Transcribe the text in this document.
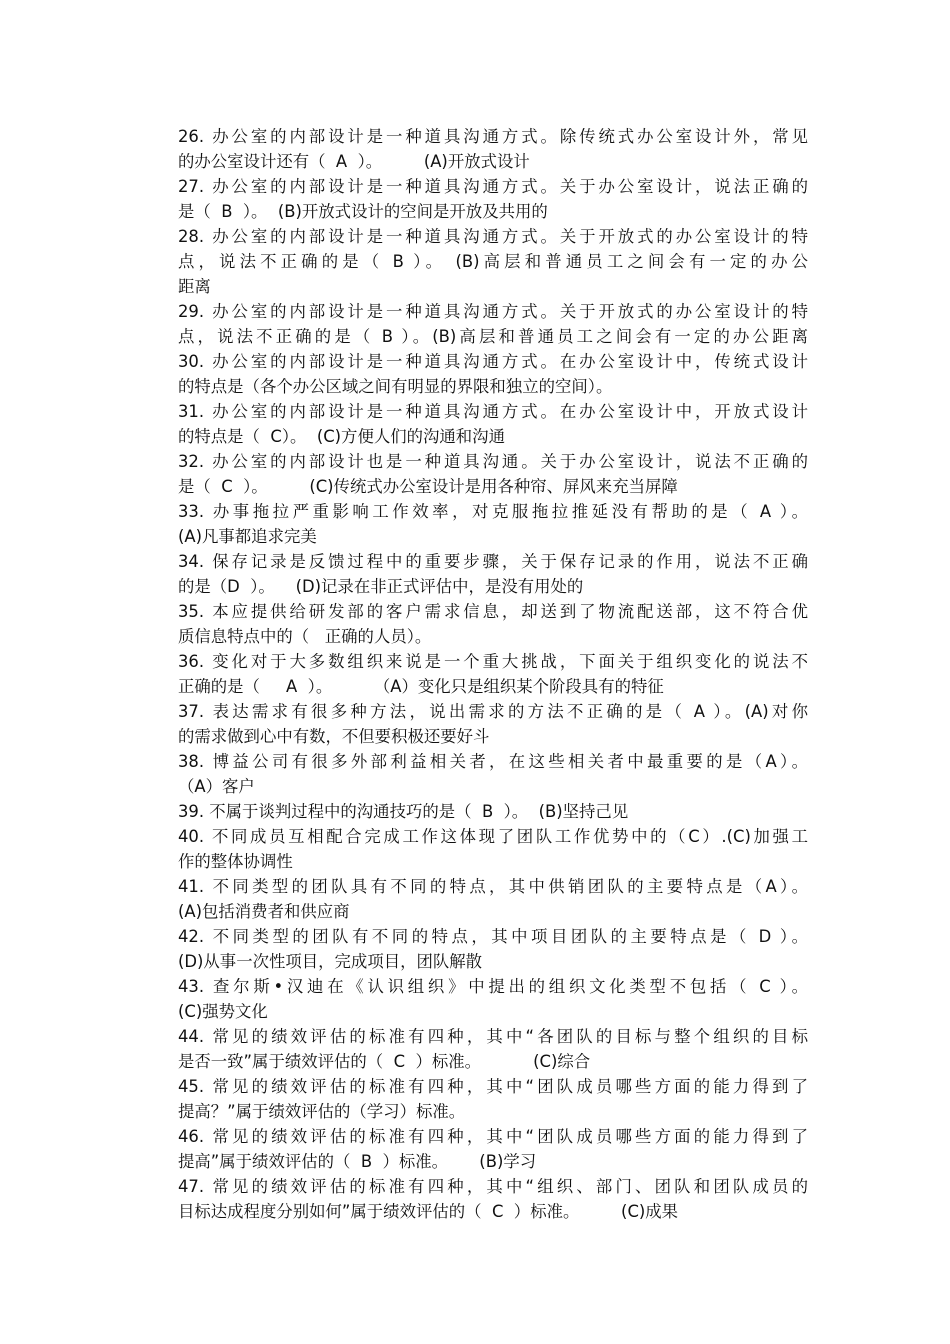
26. 办公室的内部设计是一种道具沟通方式。除传统式办公室设计外，常见
的办公室设计还有（  A  ）。        (A)开放式设计
27. 办公室的内部设计是一种道具沟通方式。关于办公室设计，说法正确的
是（  B  ）。  (B)开放式设计的空间是开放及共用的
28. 办公室的内部设计是一种道具沟通方式。关于开放式的办公室设计的特
点，说法不正确的是（ B ）。 (B)高层和普通员工之间会有一定的办公
距离
29. 办公室的内部设计是一种道具沟通方式。关于开放式的办公室设计的特
点，说法不正确的是（ B ）。(B)高层和普通员工之间会有一定的办公距离
30. 办公室的内部设计是一种道具沟通方式。在办公室设计中，传统式设计
的特点是（各个办公区域之间有明显的界限和独立的空间）。
31. 办公室的内部设计是一种道具沟通方式。在办公室设计中，开放式设计
的特点是（  C）。  (C)方便人们的沟通和沟通
32. 办公室的内部设计也是一种道具沟通。关于办公室设计，说法不正确的
是（  C  ）。        (C)传统式办公室设计是用各种帘、屏风来充当屏障
33. 办事拖拉严重影响工作效率，对克服拖拉推延没有帮助的是（ A ）。
(A)凡事都追求完美
34. 保存记录是反馈过程中的重要步骤，关于保存记录的作用，说法不正确
的是（D  ）。    (D)记录在非正式评估中，是没有用处的
35. 本应提供给研发部的客户需求信息，却送到了物流配送部，这不符合优
质信息特点中的（   正确的人员）。
36. 变化对于大多数组织来说是一个重大挑战，下面关于组织变化的说法不
正确的是（     A  ）。        （A）变化只是组织某个阶段具有的特征
37. 表达需求有很多种方法，说出需求的方法不正确的是（ A ）。(A)对你
的需求做到心中有数，不但要积极还要好斗
38. 博益公司有很多外部利益相关者，在这些相关者中最重要的是（A）。
（A）客户
39. 不属于谈判过程中的沟通技巧的是（  B  ）。  (B)坚持己见
40. 不同成员互相配合完成工作这体现了团队工作优势中的（C）.(C)加强工
作的整体协调性
41. 不同类型的团队具有不同的特点，其中供销团队的主要特点是（A）。
(A)包括消费者和供应商
42. 不同类型的团队有不同的特点，其中项目团队的主要特点是（ D ）。
(D)从事一次性项目，完成项目，团队解散
43. 查尔斯•汉迪在《认识组织》中提出的组织文化类型不包括（ C ）。
(C)强势文化
44. 常见的绩效评估的标准有四种，其中“各团队的目标与整个组织的目标
是否一致”属于绩效评估的（  C  ）标准。          (C)综合
45. 常见的绩效评估的标准有四种，其中“团队成员哪些方面的能力得到了
提高？”属于绩效评估的（学习）标准。
46. 常见的绩效评估的标准有四种，其中“团队成员哪些方面的能力得到了
提高”属于绩效评估的（  B  ）标准。      (B)学习
47. 常见的绩效评估的标准有四种，其中“组织、部门、团队和团队成员的
目标达成程度分别如何”属于绩效评估的（  C  ）标准。        (C)成果
